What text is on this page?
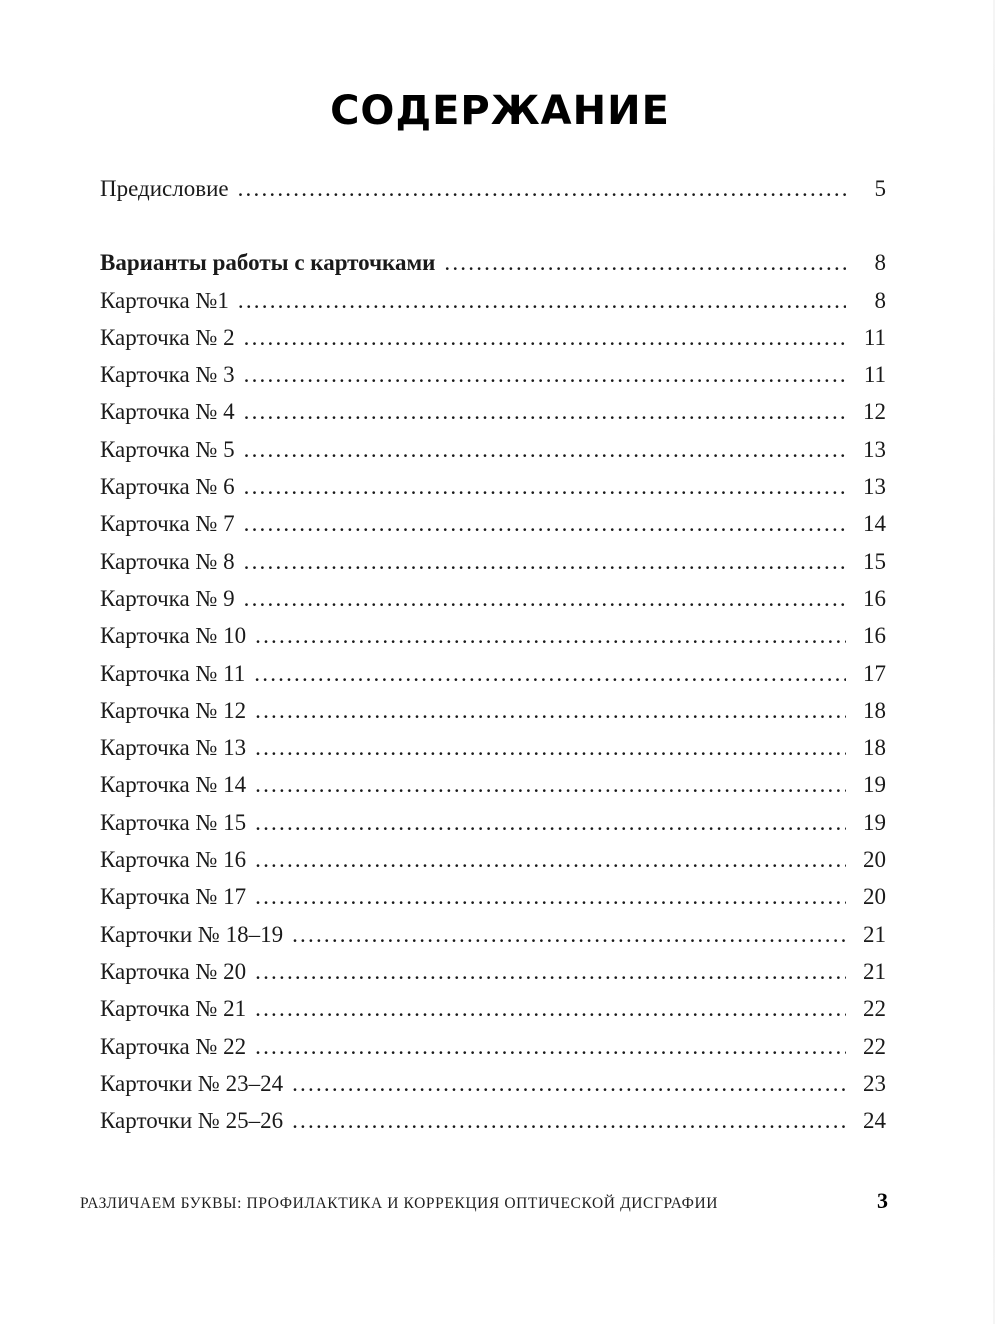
СОДЕРЖАНИЕ
Предисловие .....	5
Варианты работы с карточками .....	8
Карточка №1 .....	8
Карточка № 2 .....	11
Карточка № 3 .....	11
Карточка № 4 .....	12
Карточка № 5 .....	13
Карточка № 6 .....	13
Карточка № 7 .....	14
Карточка № 8 .....	15
Карточка № 9 .....	16
Карточка № 10 .....	16
Карточка № 11 .....	17
Карточка № 12 .....	18
Карточка № 13 .....	18
Карточка № 14 .....	19
Карточка № 15 .....	19
Карточка № 16 .....	20
Карточка № 17 .....	20
Карточки № 18–19 .....	21
Карточка № 20 .....	21
Карточка № 21 .....	22
Карточка № 22 .....	22
Карточки № 23–24 .....	23
Карточки № 25–26 .....	24
РАЗЛИЧАЕМ БУКВЫ: ПРОФИЛАКТИКА И КОРРЕКЦИЯ ОПТИЧЕСКОЙ ДИСГРАФИИ	3
